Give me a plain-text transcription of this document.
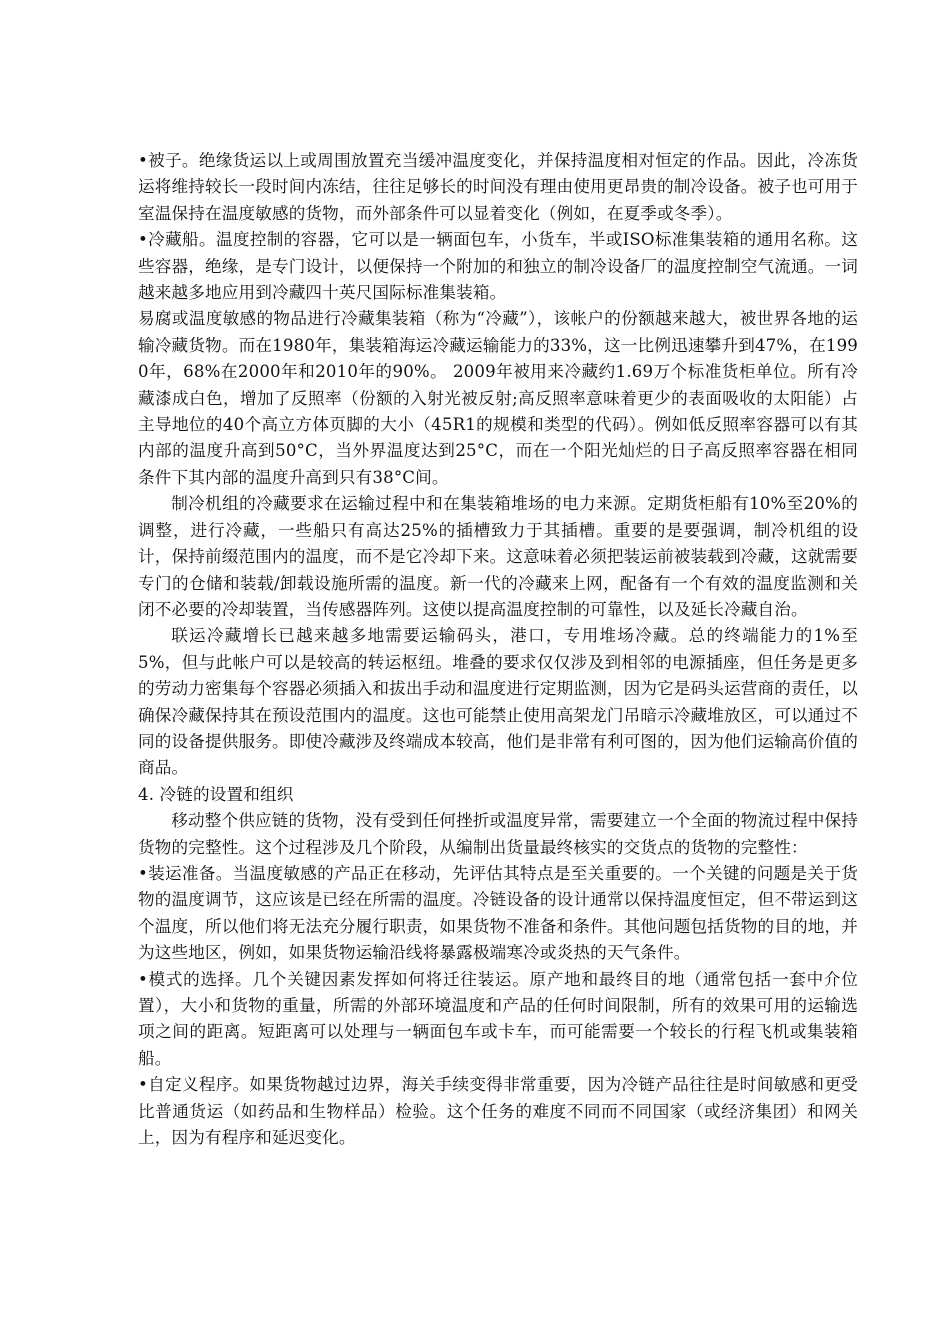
•被子。绝缘货运以上或周围放置充当缓冲温度变化，并保持温度相对恒定的作品。因此，冷冻货运将维持较长一段时间内冻结，往往足够长的时间没有理由使用更昂贵的制冷设备。被子也可用于室温保持在温度敏感的货物，而外部条件可以显着变化（例如，在夏季或冬季）。

•冷藏船。温度控制的容器，它可以是一辆面包车，小货车，半或ISO标准集装箱的通用名称。这些容器，绝缘，是专门设计，以便保持一个附加的和独立的制冷设备厂的温度控制空气流通。一词越来越多地应用到冷藏四十英尺国际标准集装箱。

易腐或温度敏感的物品进行冷藏集装箱（称为“冷藏”），该帐户的份额越来越大，被世界各地的运输冷藏货物。而在1980年，集装箱海运冷藏运输能力的33%，这一比例迅速攀升到47%，在1990年，68%在2000年和2010年的90%。 2009年被用来冷藏约1.69万个标准货柜单位。所有冷藏漆成白色，增加了反照率（份额的入射光被反射;高反照率意味着更少的表面吸收的太阳能）占主导地位的40个高立方体页脚的大小（45R1的规模和类型的代码）。例如低反照率容器可以有其内部的温度升高到50°C，当外界温度达到25°C，而在一个阳光灿烂的日子高反照率容器在相同条件下其内部的温度升高到只有38°C间。

制冷机组的冷藏要求在运输过程中和在集装箱堆场的电力来源。定期货柜船有10%至20%的调整，进行冷藏，一些船只有高达25%的插槽致力于其插槽。重要的是要强调，制冷机组的设计，保持前缀范围内的温度，而不是它冷却下来。这意味着必须把装运前被装载到冷藏，这就需要专门的仓储和装载/卸载设施所需的温度。新一代的冷藏来上网，配备有一个有效的温度监测和关闭不必要的冷却装置，当传感器阵列。这使以提高温度控制的可靠性，以及延长冷藏自治。

联运冷藏增长已越来越多地需要运输码头，港口，专用堆场冷藏。总的终端能力的1%至5%，但与此帐户可以是较高的转运枢纽。堆叠的要求仅仅涉及到相邻的电源插座，但任务是更多的劳动力密集每个容器必须插入和拔出手动和温度进行定期监测，因为它是码头运营商的责任，以确保冷藏保持其在预设范围内的温度。这也可能禁止使用高架龙门吊暗示冷藏堆放区，可以通过不同的设备提供服务。即使冷藏涉及终端成本较高，他们是非常有利可图的，因为他们运输高价值的商品。

4. 冷链的设置和组织

移动整个供应链的货物，没有受到任何挫折或温度异常，需要建立一个全面的物流过程中保持货物的完整性。这个过程涉及几个阶段，从编制出货量最终核实的交货点的货物的完整性：

•装运准备。当温度敏感的产品正在移动，先评估其特点是至关重要的。一个关键的问题是关于货物的温度调节，这应该是已经在所需的温度。冷链设备的设计通常以保持温度恒定，但不带运到这个温度，所以他们将无法充分履行职责，如果货物不准备和条件。其他问题包括货物的目的地，并为这些地区，例如，如果货物运输沿线将暴露极端寒冷或炎热的天气条件。

•模式的选择。几个关键因素发挥如何将迁往装运。原产地和最终目的地（通常包括一套中介位置），大小和货物的重量，所需的外部环境温度和产品的任何时间限制，所有的效果可用的运输选项之间的距离。短距离可以处理与一辆面包车或卡车，而可能需要一个较长的行程飞机或集装箱船。

•自定义程序。如果货物越过边界，海关手续变得非常重要，因为冷链产品往往是时间敏感和更受比普通货运（如药品和生物样品）检验。这个任务的难度不同而不同国家（或经济集团）和网关上，因为有程序和延迟变化。
